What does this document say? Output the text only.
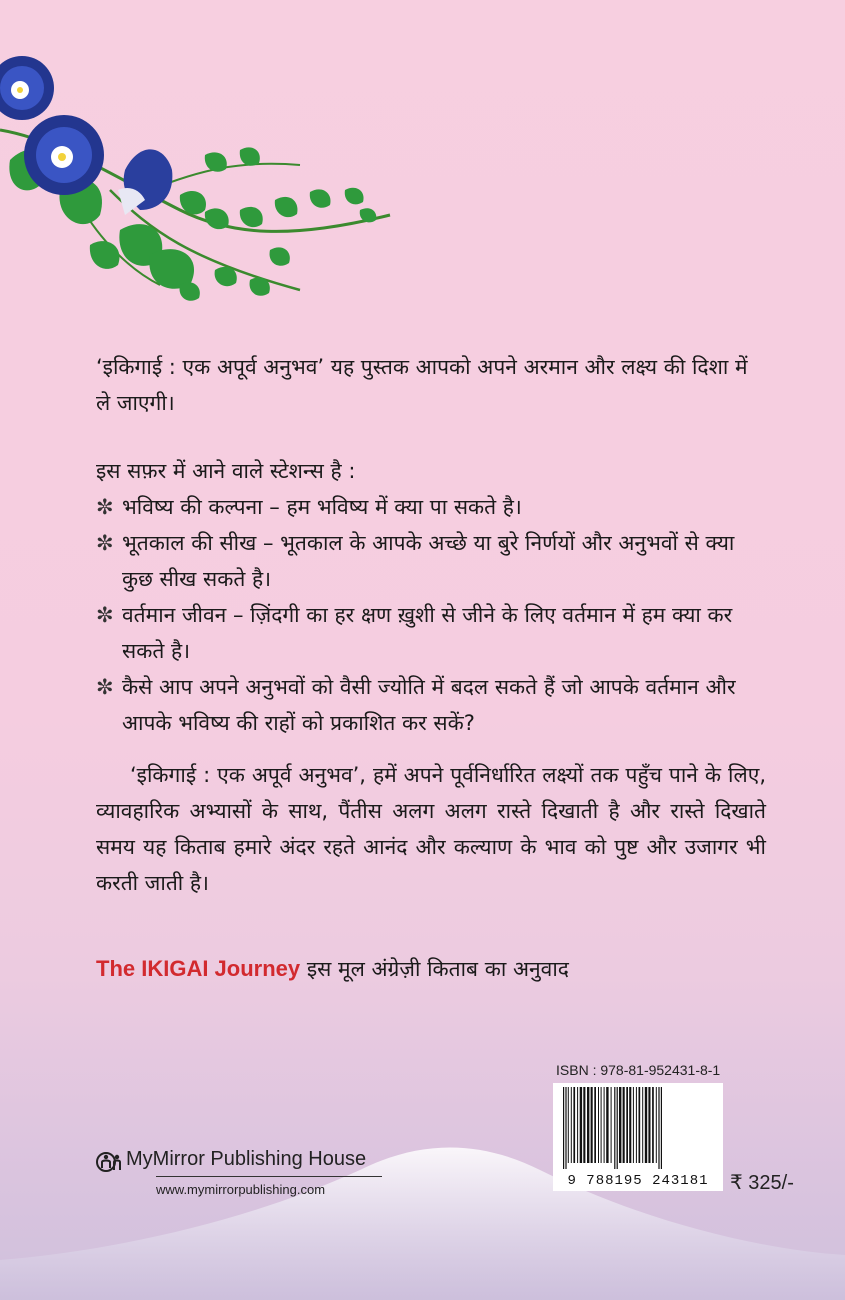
‘इकिगाई : एक अपूर्व अनुभव’ यह पुस्तक आपको अपने अरमान और लक्ष्य की दिशा में ले जाएगी।

इस सफ़र में आने वाले स्टेशन्स है :

✼ भविष्य की कल्पना – हम भविष्य में क्या पा सकते है।
✼ भूतकाल की सीख – भूतकाल के आपके अच्छे या बुरे निर्णयों और अनुभवों से क्या कुछ सीख सकते है।
✼ वर्तमान जीवन – ज़िंदगी का हर क्षण ख़ुशी से जीने के लिए वर्तमान में हम क्या कर सकते है।
✼ कैसे आप अपने अनुभवों को वैसी ज्योति में बदल सकते हैं जो आपके वर्तमान और आपके भविष्य की राहों को प्रकाशित कर सकें?

‘इकिगाई : एक अपूर्व अनुभव’, हमें अपने पूर्वनिर्धारित लक्ष्यों तक पहुँच पाने के लिए, व्यावहारिक अभ्यासों के साथ, पैंतीस अलग अलग रास्ते दिखाती है और रास्ते दिखाते समय यह किताब हमारे अंदर रहते आनंद और कल्याण के भाव को पुष्ट और उजागर भी करती जाती है।

The IKIGAI Journey इस मूल अंग्रेज़ी किताब का अनुवाद
MyMirror Publishing House
www.mymirrorpublishing.com
ISBN : 978-81-952431-8-1
9 788195 243181	₹ 325/-
